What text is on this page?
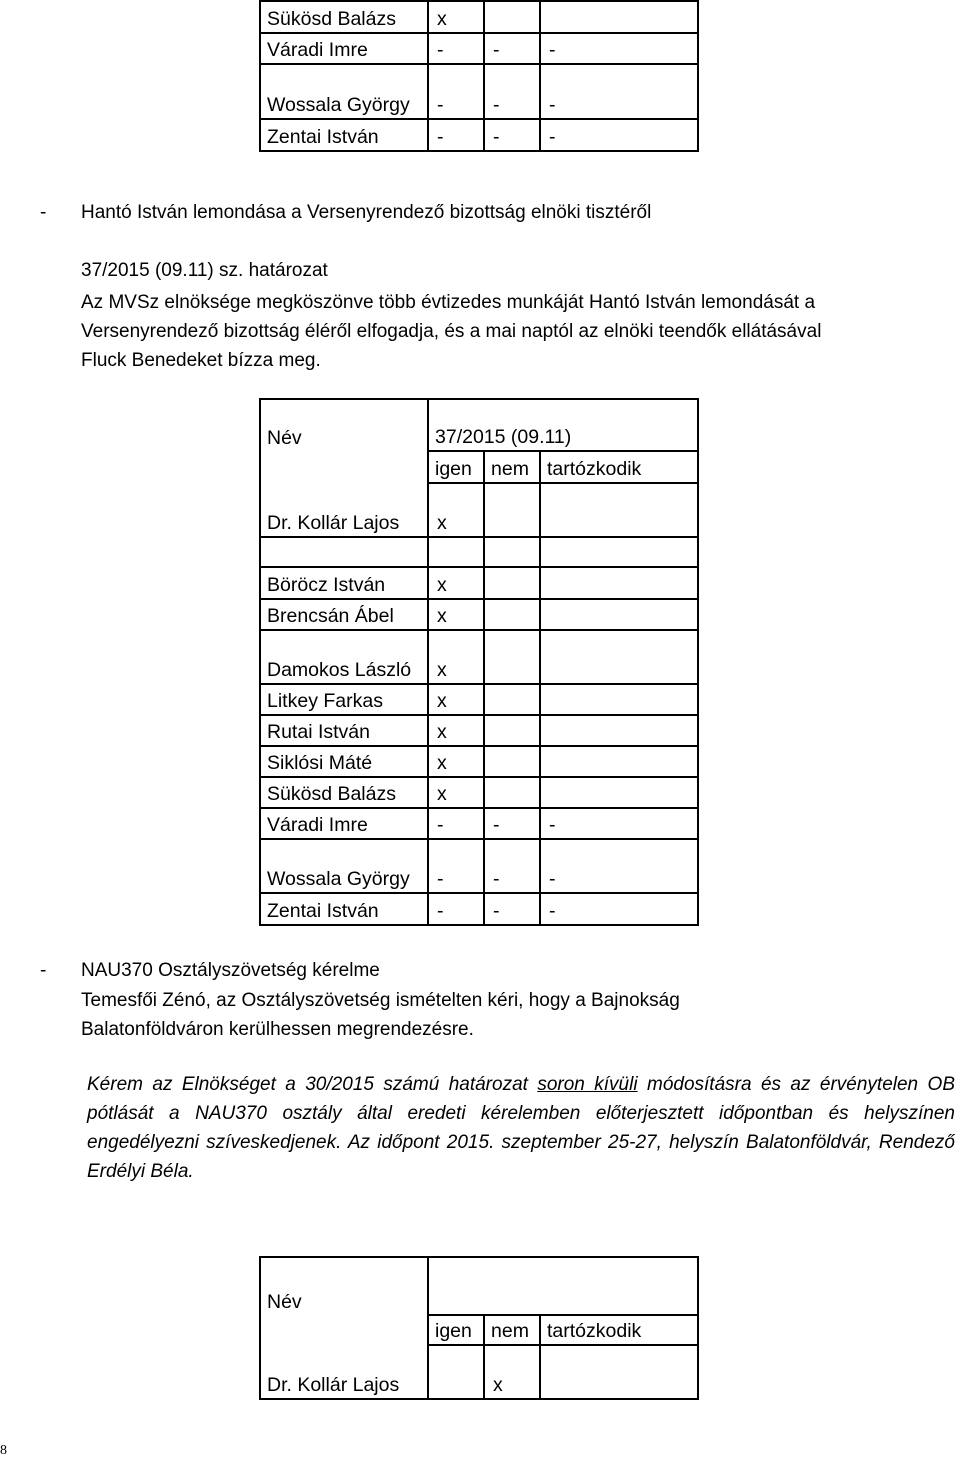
Sükösd Balázs	x		
Váradi Imre	-	-	-
Wossala György	-	-	-
Zentai István	-	-	-
- Hantó István lemondása a Versenyrendező bizottság elnöki tisztéről
37/2015 (09.11) sz. határozat
Az MVSz elnöksége megköszönve több évtizedes munkáját Hantó István lemondását a
Versenyrendező bizottság éléről elfogadja, és a mai naptól az elnöki teendők ellátásával
Fluck Benedeket bízza meg.
Név	37/2015 (09.11)		
	igen	nem	tartózkodik
Dr. Kollár Lajos	x		

Böröcz István	x		
Brencsán Ábel	x		
Damokos László	x		
Litkey Farkas	x		
Rutai István	x		
Siklósi Máté	x		
Sükösd Balázs	x		
Váradi Imre	-	-	-
Wossala György	-	-	-
Zentai István	-	-	-
- NAU370 Osztályszövetség kérelme
Temesfői Zénó, az Osztályszövetség ismételten kéri, hogy a Bajnokság
Balatonföldváron kerülhessen megrendezésre.

Kérem az Elnökséget a 30/2015 számú határozat soron kívüli módosításra és az érvénytelen OB pótlását a NAU370 osztály által eredeti kérelemben előterjesztett időpontban és helyszínen engedélyezni szíveskedjenek. Az időpont 2015. szeptember 25-27, helyszín Balatonföldvár, Rendező Erdélyi Béla.

Név			
	igen	nem	tartózkodik
Dr. Kollár Lajos		x	
8
